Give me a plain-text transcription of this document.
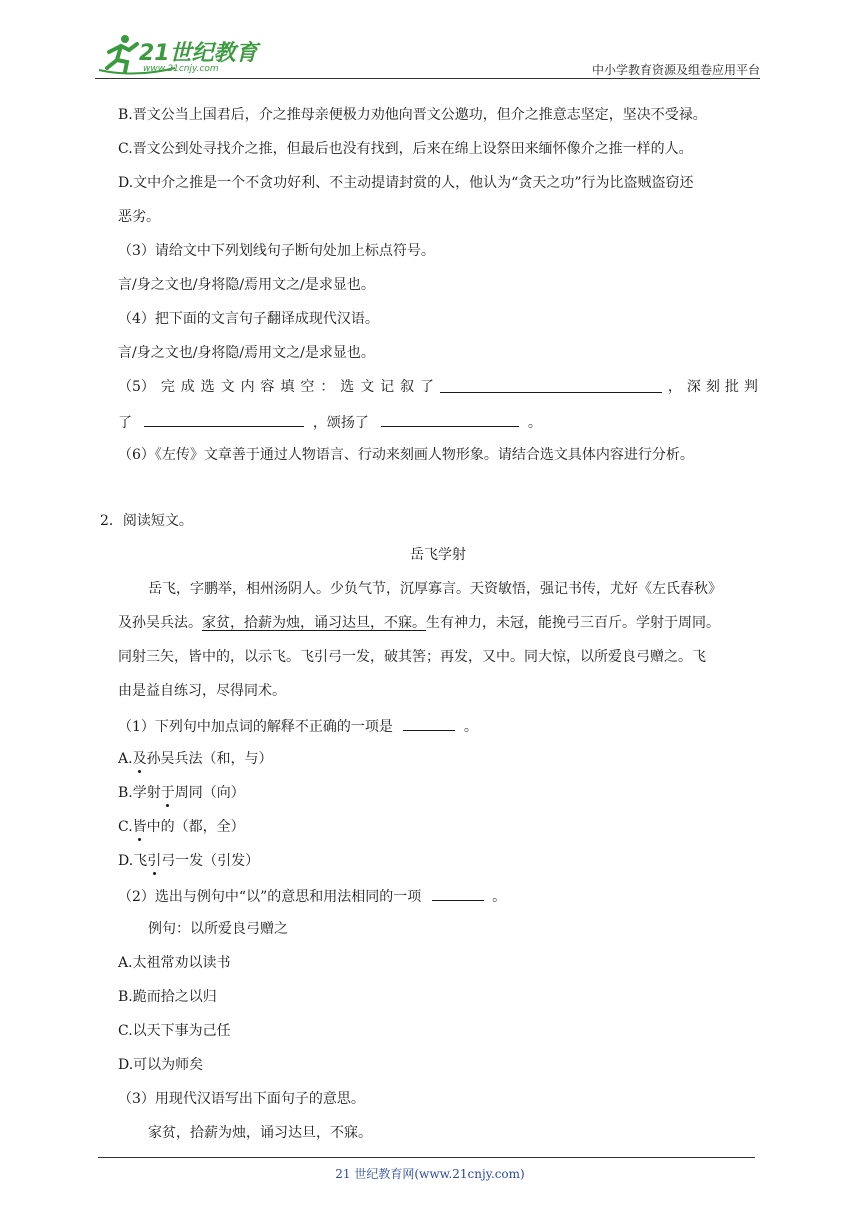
21世纪教育
www.21cnjy.com	中小学教育资源及组卷应用平台
B.晋文公当上国君后，介之推母亲便极力劝他向晋文公邀功，但介之推意志坚定，坚决不受禄。
C.晋文公到处寻找介之推，但最后也没有找到，后来在绵上设祭田来缅怀像介之推一样的人。
D.文中介之推是一个不贪功好利、不主动提请封赏的人，他认为“贪天之功”行为比盗贼盗窃还
恶劣。
（3）请给文中下列划线句子断句处加上标点符号。
言/身之文也/身将隐/焉用文之/是求显也。
（4）把下面的文言句子翻译成现代汉语。
言/身之文也/身将隐/焉用文之/是求显也。
（5） 完 成 选 文 内 容 填 空 ： 选 文 记 叙 了	，深刻批判
了	，颂扬了	。
（6）《左传》文章善于通过人物语言、行动来刻画人物形象。请结合选文具体内容进行分析。
2．阅读短文。
岳飞学射
岳飞，字鹏举，相州汤阴人。少负气节，沉厚寡言。天资敏悟，强记书传，尤好《左氏春秋》
及孙吴兵法。家贫，拾薪为烛，诵习达旦，不寐。生有神力，未冠，能挽弓三百斤。学射于周同。
同射三矢，皆中的，以示飞。飞引弓一发，破其筈；再发，又中。同大惊，以所爱良弓赠之。飞
由是益自练习，尽得同术。
（1）下列句中加点词的解释不正确的一项是	。
A.及孙吴兵法（和，与）
B.学射于周同（向）
C.皆中的（都，全）
D.飞引弓一发（引发）
（2）选出与例句中“以”的意思和用法相同的一项	。
例句：以所爱良弓赠之
A.太祖常劝以读书
B.跪而拾之以归
C.以天下事为己任
D.可以为师矣
（3）用现代汉语写出下面句子的意思。
家贫，拾薪为烛，诵习达旦，不寐。
21 世纪教育网(www.21cnjy.com)
